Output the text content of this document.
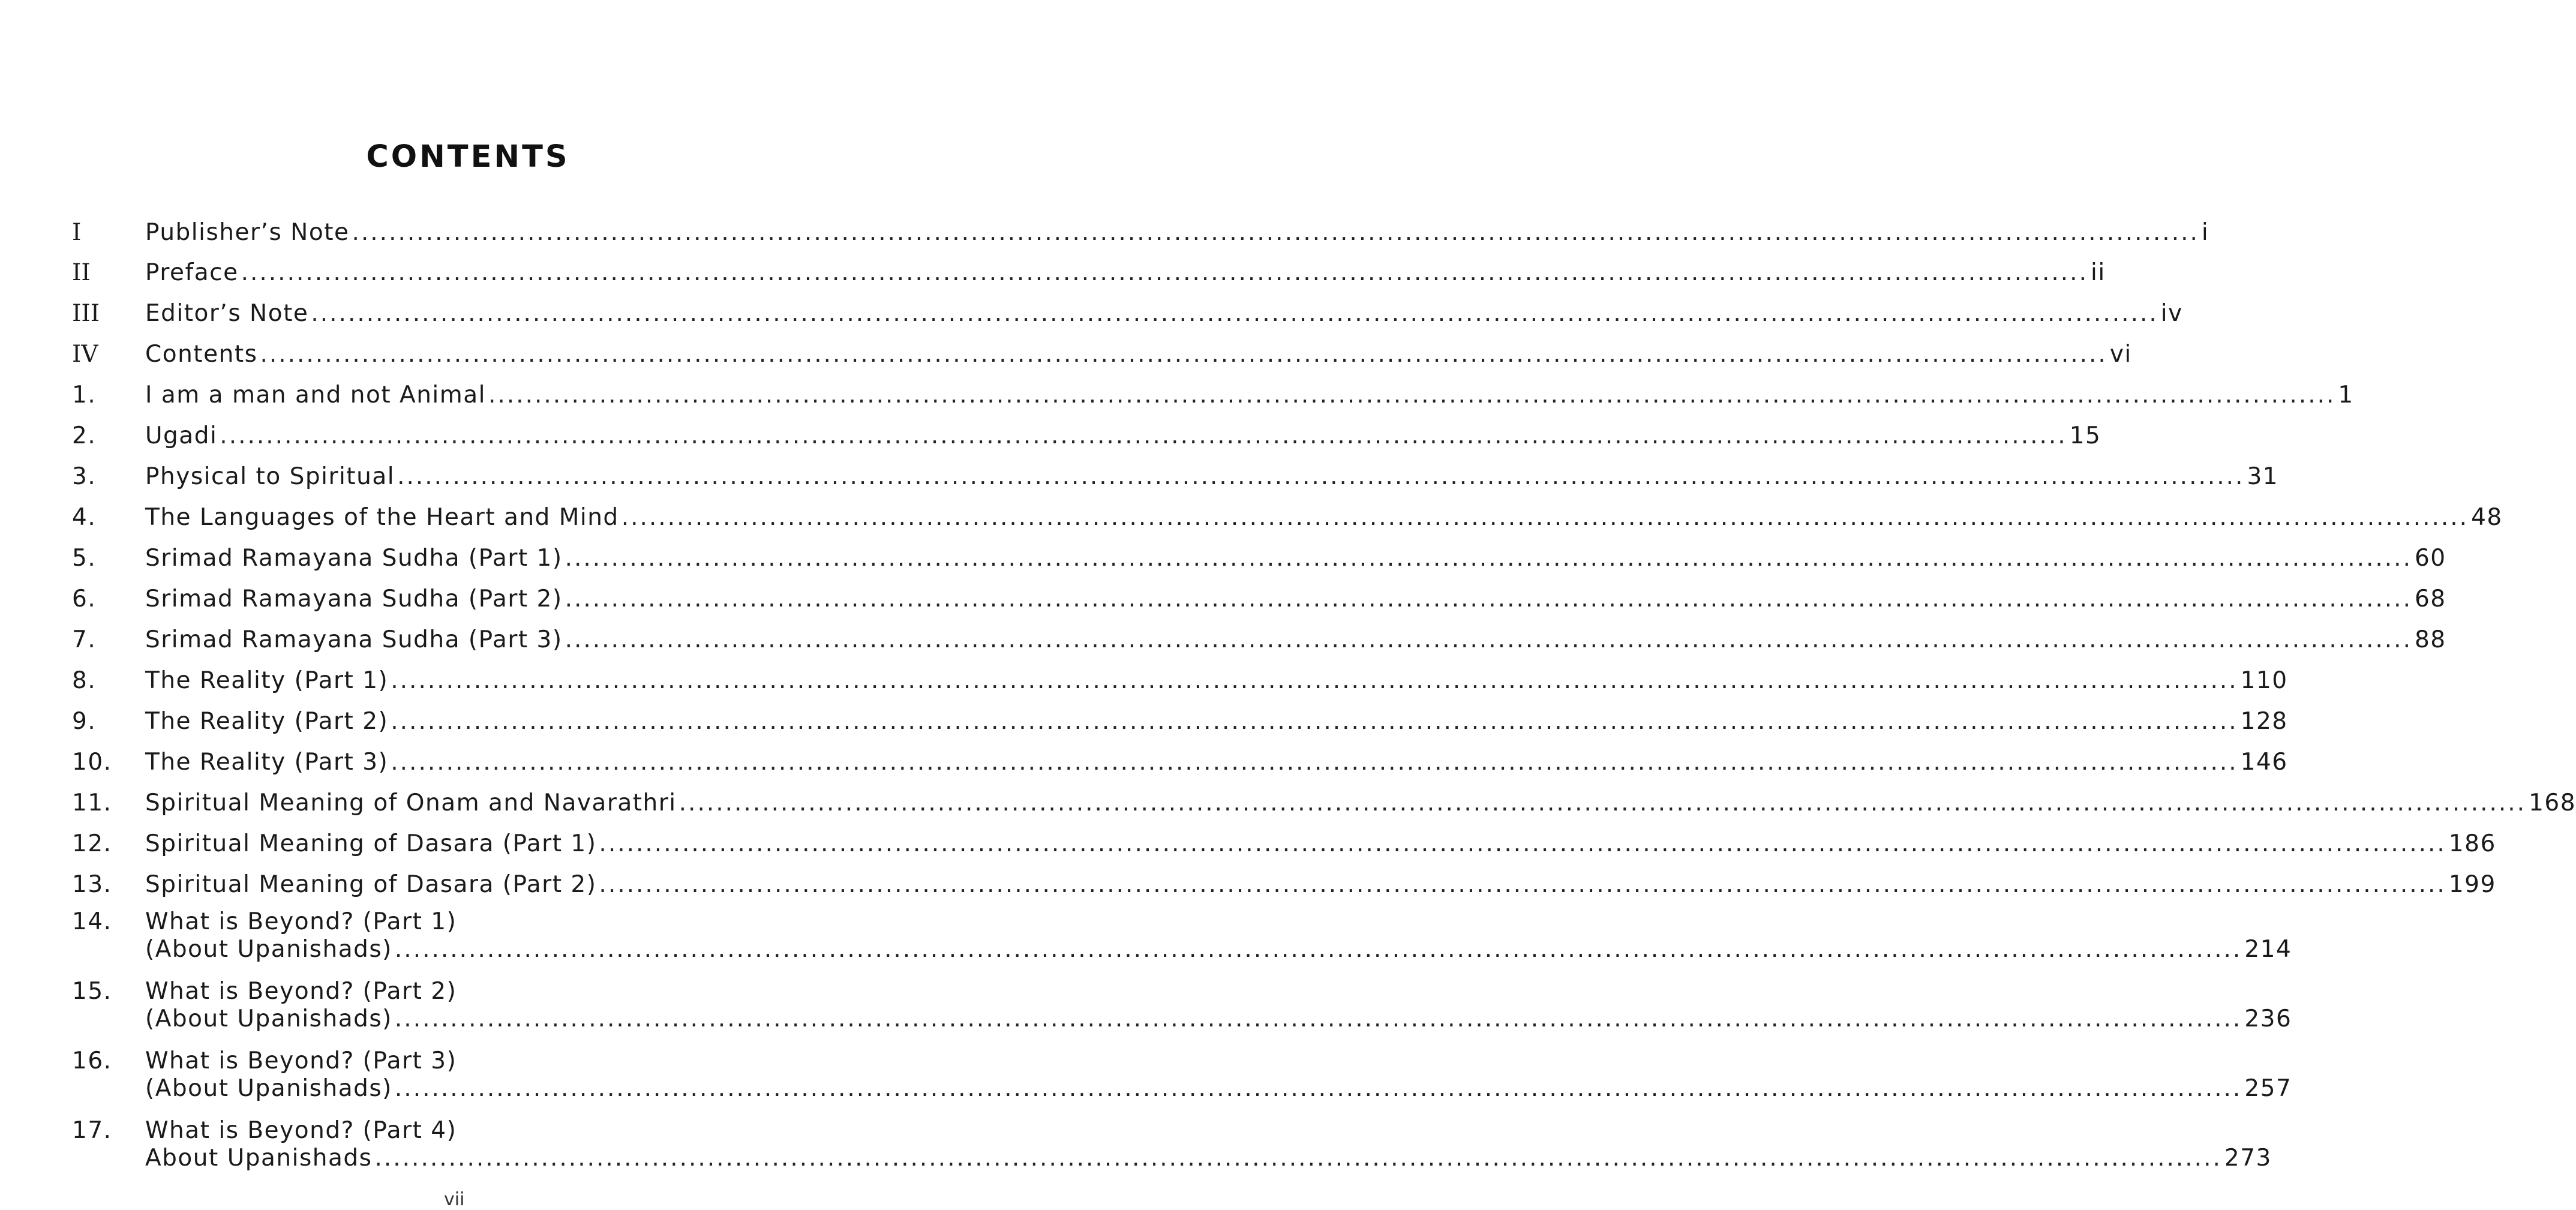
CONTENTS
I	Publisher’s Note ........................................................................................................................................................................................................ i
II Preface ........................................................................................................................................................................................................ ii
III Editor’s Note ........................................................................................................................................................................................................ iv
IV Contents ........................................................................................................................................................................................................ vi
1. I am a man and not Animal ........................................................................................................................................................................................................ 1
2. Ugadi ........................................................................................................................................................................................................ 15
3. Physical to Spiritual ........................................................................................................................................................................................................ 31
4. The Languages of the Heart and Mind ........................................................................................................................................................................................................ 48
5. Srimad Ramayana Sudha (Part 1) ........................................................................................................................................................................................................ 60
6. Srimad Ramayana Sudha (Part 2) ........................................................................................................................................................................................................ 68
7. Srimad Ramayana Sudha (Part 3) ........................................................................................................................................................................................................ 88
8. The Reality (Part 1) ........................................................................................................................................................................................................ 110
9. The Reality (Part 2) ........................................................................................................................................................................................................ 128
10. The Reality (Part 3) ........................................................................................................................................................................................................ 146
11. Spiritual Meaning of Onam and Navarathri ........................................................................................................................................................................................................ 168
12. Spiritual Meaning of Dasara (Part 1) ........................................................................................................................................................................................................ 186
13. Spiritual Meaning of Dasara (Part 2) ........................................................................................................................................................................................................ 199
14. What is Beyond? (Part 1)
(About Upanishads) ........................................................................................................................................................................................................ 214
15. What is Beyond? (Part 2)
(About Upanishads) ........................................................................................................................................................................................................ 236
16. What is Beyond? (Part 3)
(About Upanishads) ........................................................................................................................................................................................................ 257
17. What is Beyond? (Part 4)
About Upanishads ........................................................................................................................................................................................................ 273
vii
